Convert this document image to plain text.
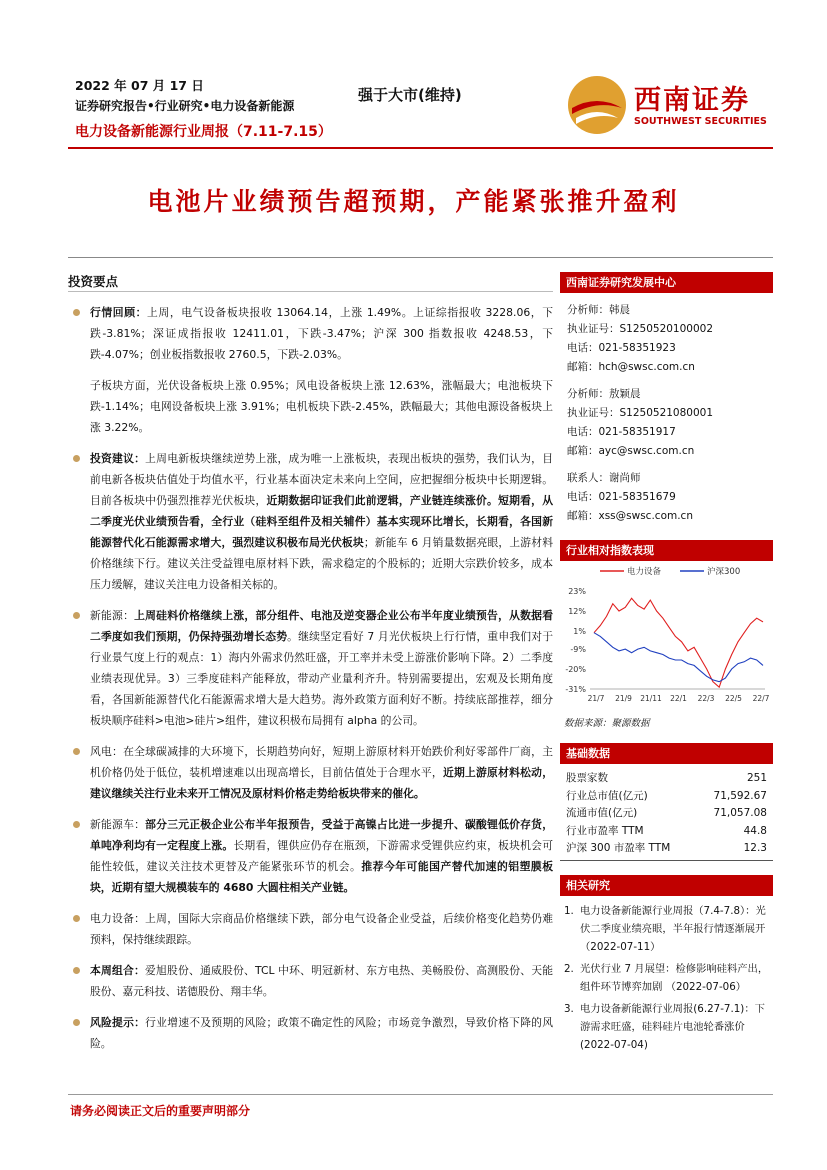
2022 年 07 月 17 日
证券研究报告•行业研究•电力设备新能源
电力设备新能源行业周报（7.11-7.15）
强于大市(维持)	西南证券
SOUTHWEST SECURITIES
电池片业绩预告超预期，产能紧张推升盈利
投资要点
行情回顾：上周，电气设备板块报收 13064.14，上涨 1.49%。上证综指报收 3228.06，下跌-3.81%；深证成指报收 12411.01，下跌-3.47%；沪深 300 指数报收 4248.53，下跌-4.07%；创业板指数报收 2760.5，下跌-2.03%。
子板块方面，光伏设备板块上涨 0.95%；风电设备板块上涨 12.63%，涨幅最大；电池板块下跌-1.14%；电网设备板块上涨 3.91%；电机板块下跌-2.45%，跌幅最大；其他电源设备板块上涨 3.22%。
投资建议：上周电新板块继续逆势上涨，成为唯一上涨板块，表现出板块的强势，我们认为，目前电新各板块估值处于均值水平，行业基本面决定未来向上空间，应把握细分板块中长期逻辑。目前各板块中仍强烈推荐光伏板块，近期数据印证我们此前逻辑，产业链连续涨价。短期看，从二季度光伏业绩预告看，全行业（硅料至组件及相关辅件）基本实现环比增长，长期看，各国新能源替代化石能源需求增大，强烈建议积极布局光伏板块；新能车 6 月销量数据亮眼，上游材料价格继续下行。建议关注受益锂电原材料下跌，需求稳定的个股标的；近期大宗跌价较多，成本压力缓解，建议关注电力设备相关标的。
新能源：上周硅料价格继续上涨，部分组件、电池及逆变器企业公布半年度业绩预告，从数据看二季度如我们预期，仍保持强劲增长态势。继续坚定看好 7 月光伏板块上行行情，重申我们对于行业景气度上行的观点：1）海内外需求仍然旺盛，开工率并未受上游涨价影响下降。2）二季度业绩表现优异。3）三季度硅料产能释放，带动产业量利齐升。特别需要提出，宏观及长期角度看，各国新能源替代化石能源需求增大是大趋势。海外政策方面利好不断。持续底部推荐，细分板块顺序硅料>电池>硅片>组件，建议积极布局拥有 alpha 的公司。
风电：在全球碳减排的大环境下，长期趋势向好，短期上游原材料开始跌价利好零部件厂商，主机价格仍处于低位，装机增速难以出现高增长，目前估值处于合理水平，近期上游原材料松动，建议继续关注行业未来开工情况及原材料价格走势给板块带来的催化。
新能源车：部分三元正极企业公布半年报预告，受益于高镍占比进一步提升、碳酸锂低价存货，单吨净利均有一定程度上涨。长期看，锂供应仍存在瓶颈，下游需求受锂供应约束，板块机会可能性较低，建议关注技术更替及产能紧张环节的机会。推荐今年可能国产替代加速的铝塑膜板块，近期有望大规模装车的 4680 大圆柱相关产业链。
电力设备：上周，国际大宗商品价格继续下跌，部分电气设备企业受益，后续价格变化趋势仍难预料，保持继续跟踪。
本周组合：爱旭股份、通威股份、TCL 中环、明冠新材、东方电热、美畅股份、高测股份、天能股份、嘉元科技、诺德股份、翔丰华。
风险提示：行业增速不及预期的风险；政策不确定性的风险；市场竞争激烈，导致价格下降的风险。
西南证券研究发展中心
分析师：韩晨
执业证号：S1250520100002
电话：021-58351923
邮箱：hch@swsc.com.cn
分析师：敖颖晨
执业证号：S1250521080001
电话：021-58351917
邮箱：ayc@swsc.com.cn
联系人：谢尚师
电话：021-58351679
邮箱：xss@swsc.com.cn
行业相对指数表现
电力设备	沪深300
23%
12%
1%
-9%
-20%
-31%
21/7 21/9 21/11 22/1 22/3 22/5 22/7
数据来源：聚源数据
基础数据
股票家数	251
行业总市值(亿元)	71,592.67
流通市值(亿元)	71,057.08
行业市盈率 TTM	44.8
沪深 300 市盈率 TTM	12.3
相关研究
1. 电力设备新能源行业周报（7.4-7.8）：光伏二季度业绩亮眼，半年报行情逐渐展开 （2022-07-11）
2. 光伏行业 7 月展望：检修影响硅料产出，组件环节博弈加剧 （2022-07-06）
3. 电力设备新能源行业周报(6.27-7.1)：下游需求旺盛，硅料硅片电池轮番涨价 (2022-07-04)
请务必阅读正文后的重要声明部分
